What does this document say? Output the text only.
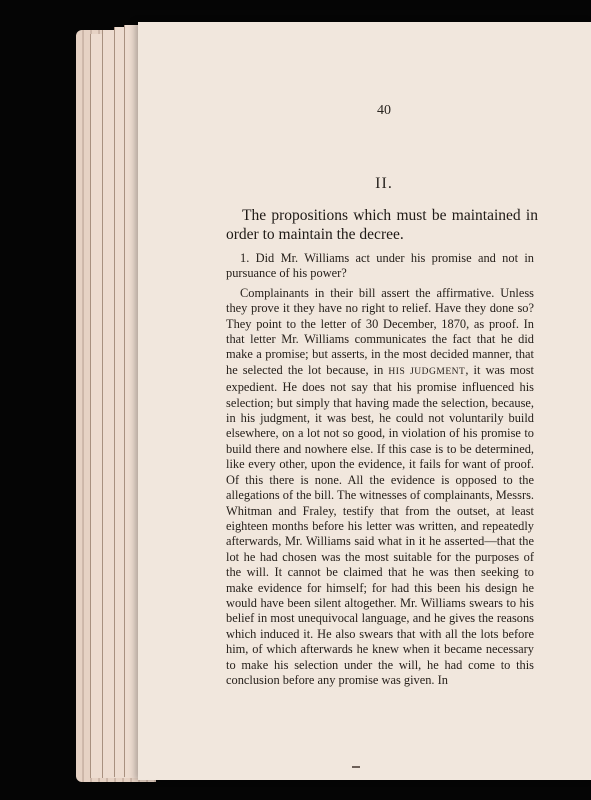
40
II.
The propositions which must be maintained in order to maintain the decree.

1. Did Mr. Williams act under his promise and not in pursuance of his power?

Complainants in their bill assert the affirmative. Unless they prove it they have no right to relief. Have they done so? They point to the letter of 30 December, 1870, as proof. In that letter Mr. Williams communicates the fact that he did make a promise; but asserts, in the most decided manner, that he selected the lot because, in HIS JUDGMENT, it was most expedient. He does not say that his promise influenced his selection; but simply that having made the selection, because, in his judgment, it was best, he could not voluntarily build elsewhere, on a lot not so good, in violation of his promise to build there and nowhere else. If this case is to be determined, like every other, upon the evidence, it fails for want of proof. Of this there is none. All the evidence is opposed to the allegations of the bill. The witnesses of complainants, Messrs. Whitman and Fraley, testify that from the outset, at least eighteen months before his letter was written, and repeatedly afterwards, Mr. Williams said what in it he asserted—that the lot he had chosen was the most suitable for the purposes of the will. It cannot be claimed that he was then seeking to make evidence for himself; for had this been his design he would have been silent altogether. Mr. Williams swears to his belief in most unequivocal language, and he gives the reasons which induced it. He also swears that with all the lots before him, of which afterwards he knew when it became necessary to make his selection under the will, he had come to this conclusion before any promise was given. In
